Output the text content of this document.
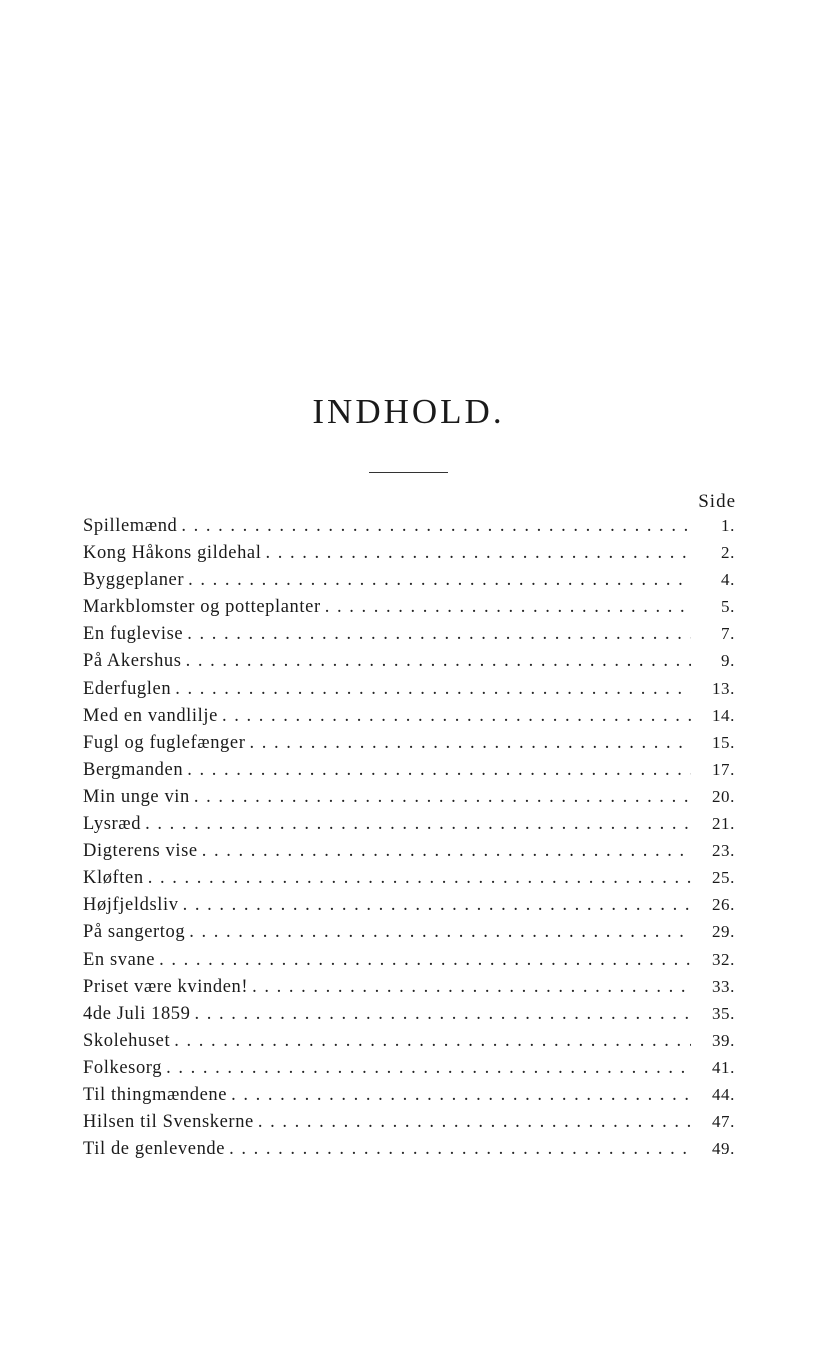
INDHOLD.
Side
Spillemænd . . .	1.
Kong Håkons gildehal . . .	2.
Byggeplaner . . .	4.
Markblomster og potteplanter . . .	5.
En fuglevise . . .	7.
På Akershus . . .	9.
Ederfuglen . . .	13.
Med en vandlilje . . .	14.
Fugl og fuglefænger . . .	15.
Bergmanden . . .	17.
Min unge vin . . .	20.
Lysræd . . .	21.
Digterens vise . . .	23.
Kløften . . .	25.
Højfjeldsliv . . .	26.
På sangertog . . .	29.
En svane . . .	32.
Priset være kvinden! . . .	33.
4de Juli 1859 . . .	35.
Skolehuset . . .	39.
Folkesorg . . .	41.
Til thingmændene . . .	44.
Hilsen til Svenskerne . . .	47.
Til de genlevende . . .	49.
